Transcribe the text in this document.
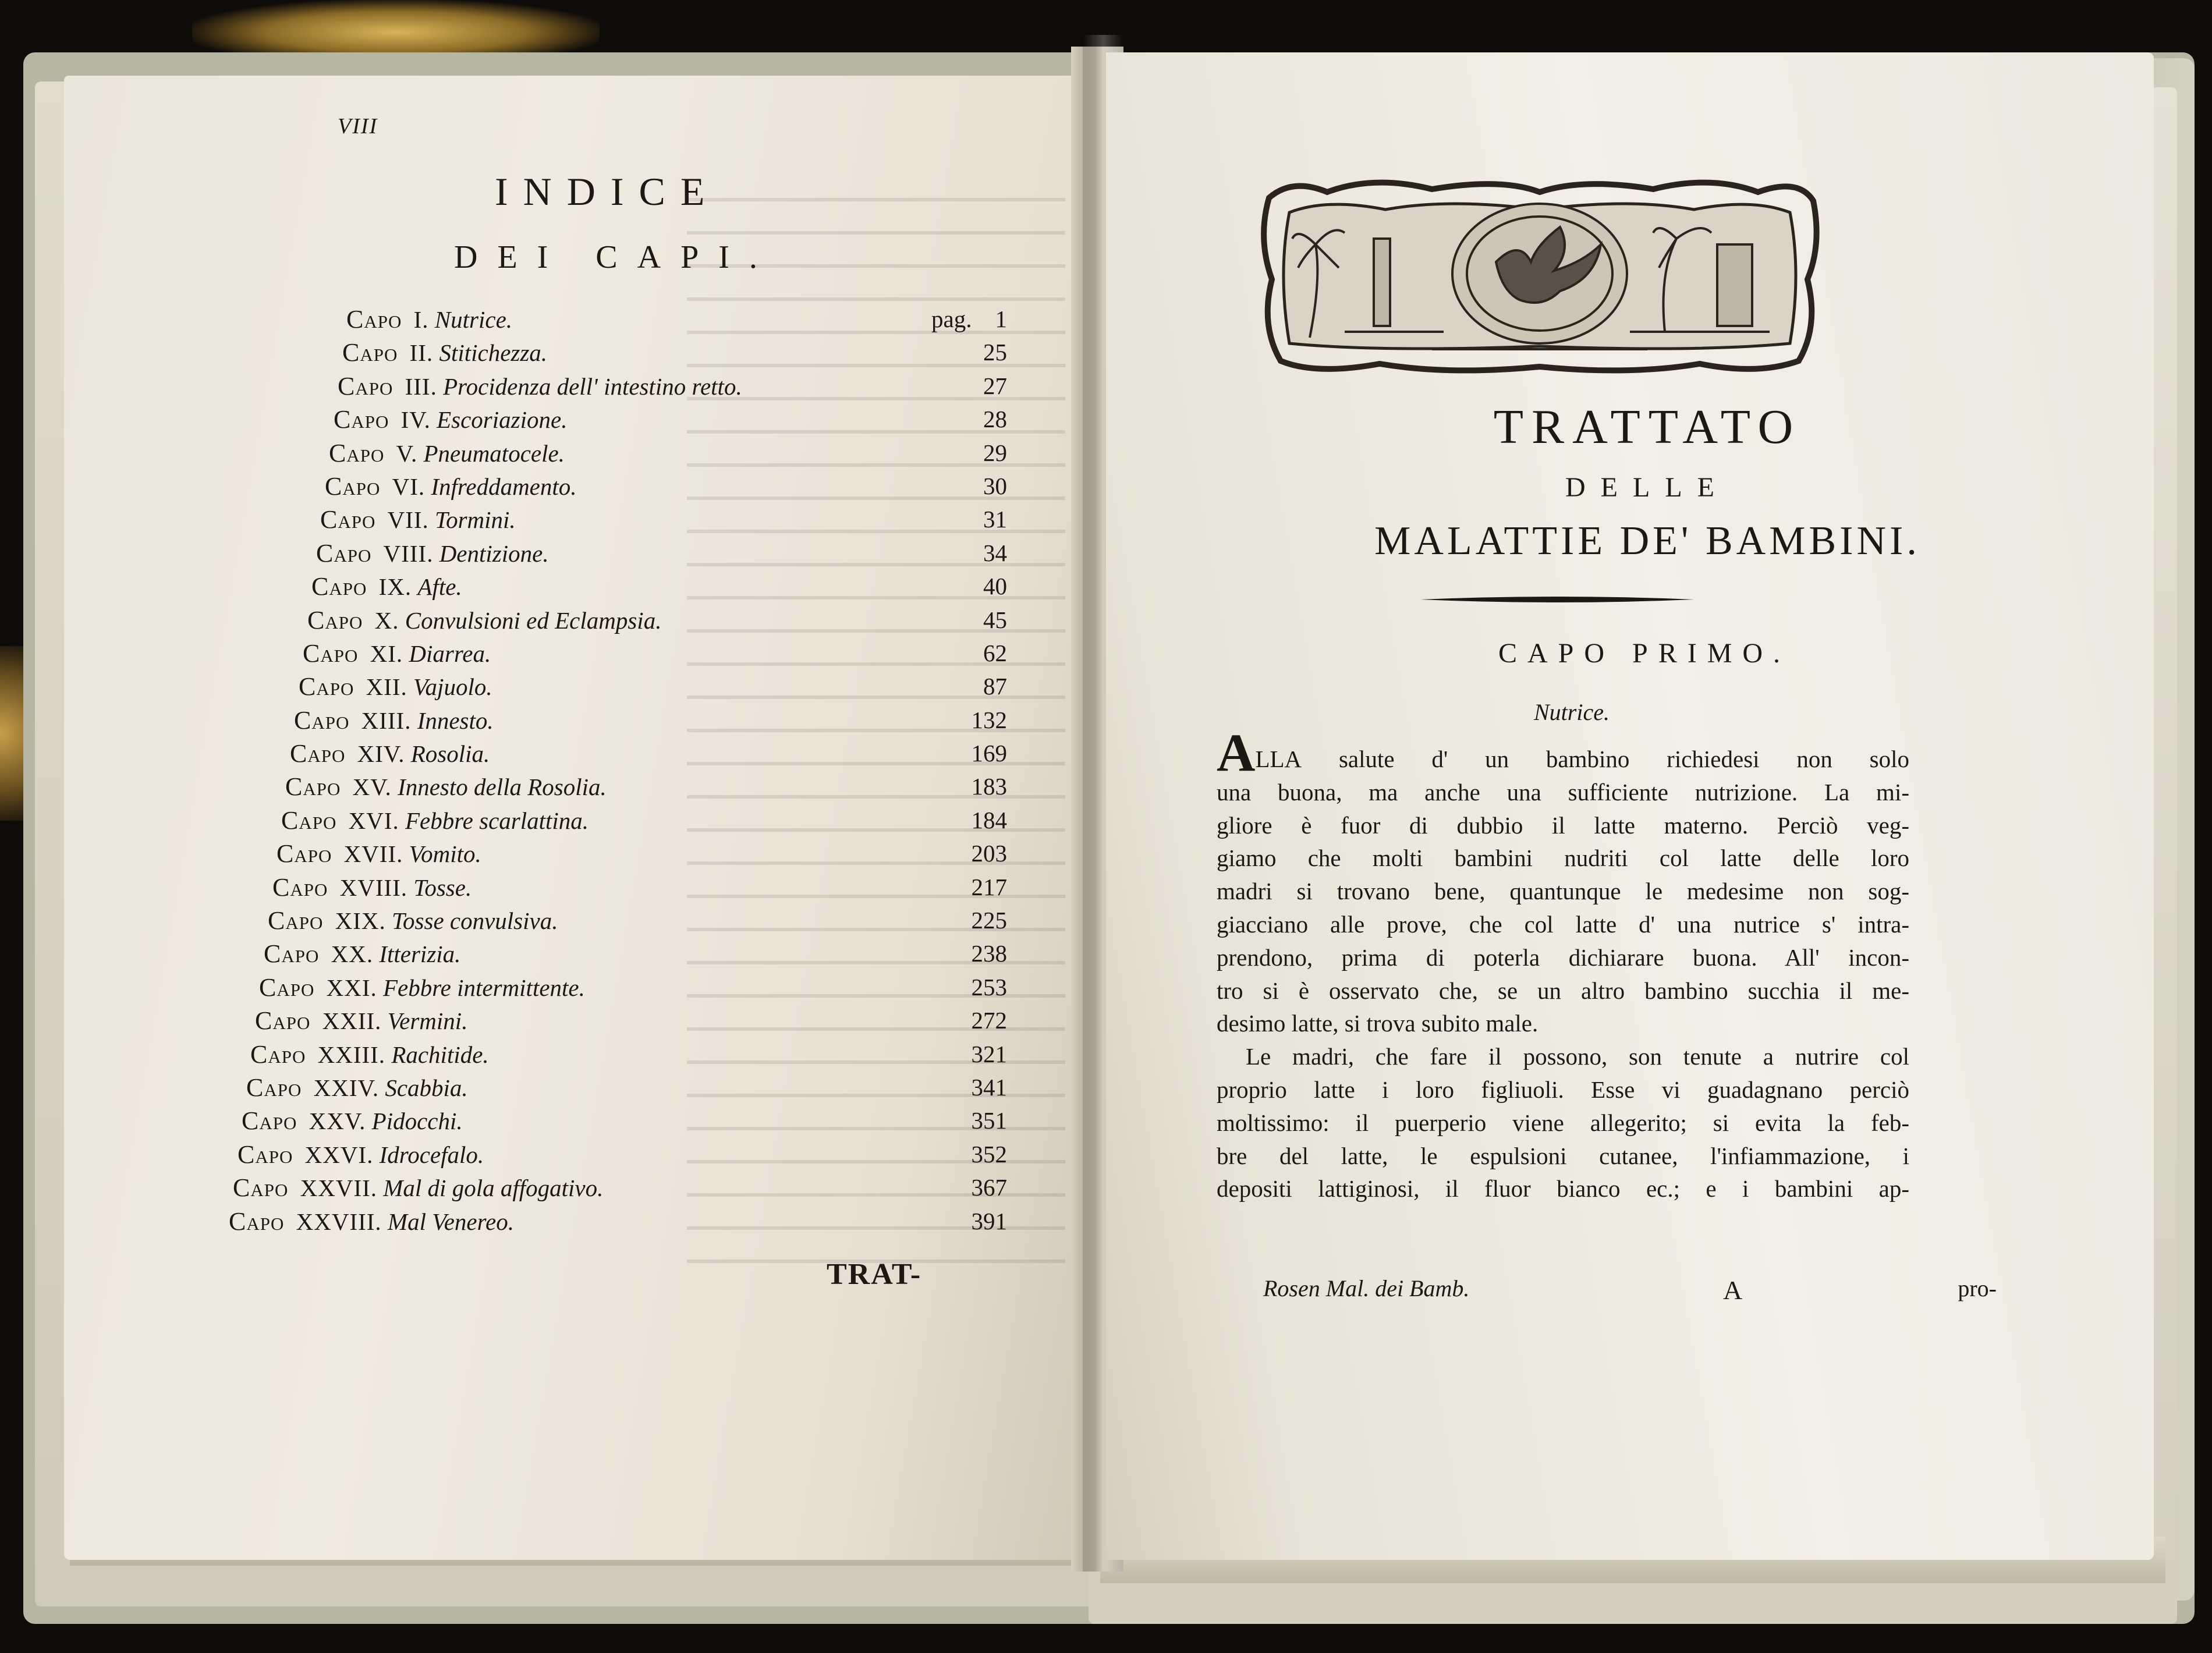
VIII
INDICE
DEI CAPI.
Capo I. Nutrice.	pag. 1
Capo II. Stitichezza.	25
Capo III. Procidenza dell' intestino retto.	27
Capo IV. Escoriazione.	28
Capo V. Pneumatocele.	29
Capo VI. Infreddamento.	30
Capo VII. Tormini.	31
Capo VIII. Dentizione.	34
Capo IX. Afte.	40
Capo X. Convulsioni ed Eclampsia.	45
Capo XI. Diarrea.	62
Capo XII. Vajuolo.	87
Capo XIII. Innesto.	132
Capo XIV. Rosolia.	169
Capo XV. Innesto della Rosolia.	183
Capo XVI. Febbre scarlattina.	184
Capo XVII. Vomito.	203
Capo XVIII. Tosse.	217
Capo XIX. Tosse convulsiva.	225
Capo XX. Itterizia.	238
Capo XXI. Febbre intermittente.	253
Capo XXII. Vermini.	272
Capo XXIII. Rachitide.	321
Capo XXIV. Scabbia.	341
Capo XXV. Pidocchi.	351
Capo XXVI. Idrocefalo.	352
Capo XXVII. Mal di gola affogativo.	367
Capo XXVIII. Mal Venereo.	391
TRAT-
TRATTATO
DELLE
MALATTIE DE' BAMBINI.
CAPO PRIMO.
Nutrice.
ALLA salute d' un bambino richiedesi non solo
una buona, ma anche una sufficiente nutrizione. La mi-
gliore è fuor di dubbio il latte materno. Perciò veg-
giamo che molti bambini nudriti col latte delle loro
madri si trovano bene, quantunque le medesime non sog-
giacciano alle prove, che col latte d' una nutrice s' intra-
prendono, prima di poterla dichiarare buona. All' incon-
tro si è osservato che, se un altro bambino succhia il me-
desimo latte, si trova subito male.
Le madri, che fare il possono, son tenute a nutrire col
proprio latte i loro figliuoli. Esse vi guadagnano perciò
moltissimo: il puerperio viene allegerito; si evita la feb-
bre del latte, le espulsioni cutanee, l'infiammazione, i
depositi lattiginosi, il fluor bianco ec.; e i bambini ap-
Rosen Mal. dei Bamb.	A	pro-
